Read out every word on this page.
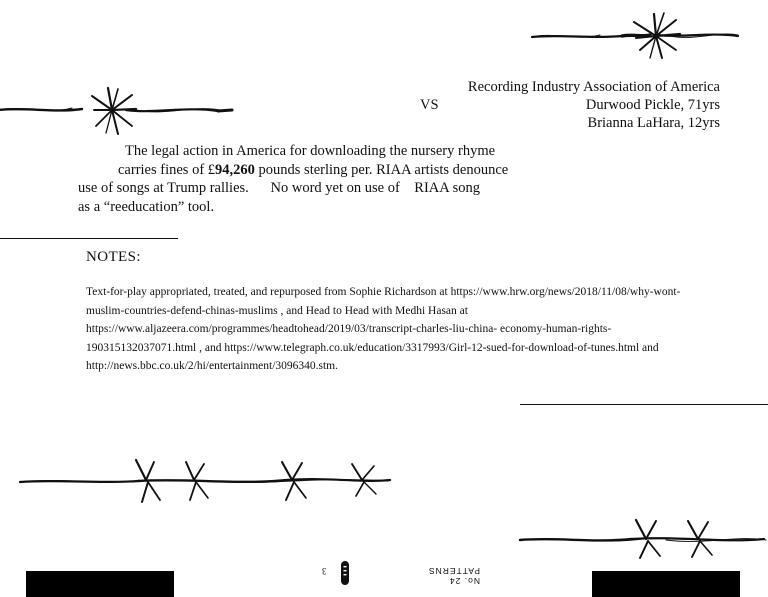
Recording Industry Association of America
VS	Durwood Pickle, 71yrs
Brianna LaHara, 12yrs
The legal action in America for downloading the nursery rhyme
carries fines of £94,260 pounds sterling per. RIAA artists denounce
use of songs at Trump rallies.      No word yet on use of    RIAA song
as a “reeducation” tool.
NOTES:
Text-for-play appropriated, treated, and repurposed from Sophie Richardson at https://www.hrw.org/news/2018/11/08/why-wont-muslim-countries-defend-chinas-muslims , and Head to Head with Medhi Hasan at https://www.aljazeera.com/programmes/headtohead/2019/03/transcript-charles-liu-china- economy-human-rights-190315132037071.html , and https://www.telegraph.co.uk/education/3317993/Girl-12-sued-for-download-of-tunes.html and http://news.bbc.co.uk/2/hi/entertainment/3096340.stm.
3
No. 24 PATTERNS
